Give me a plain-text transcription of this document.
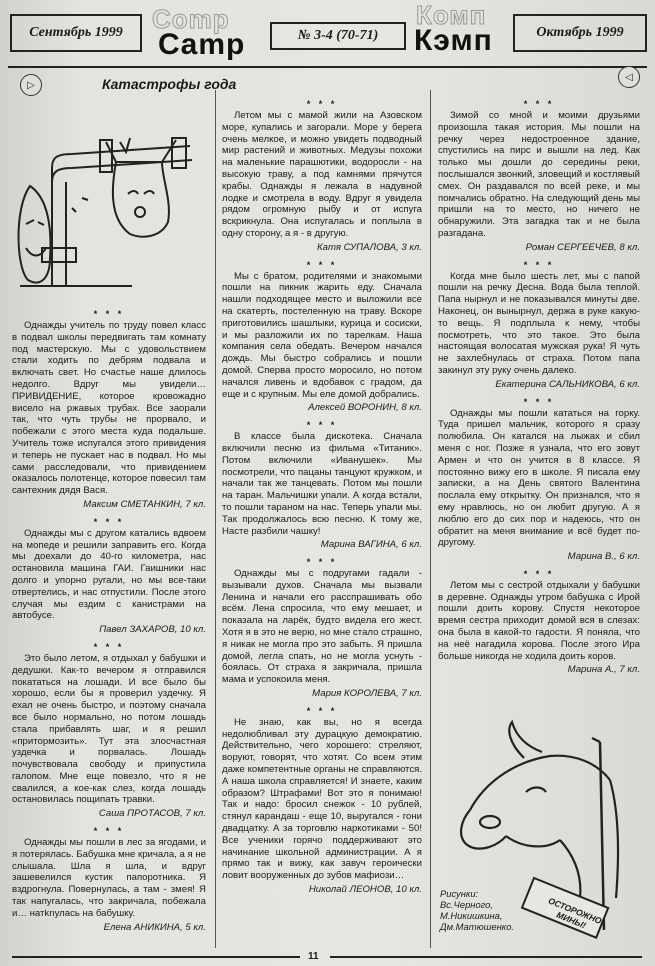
Сентябрь 1999	Comp
Camp	№ 3-4 (70-71)
Комп
Кэмп	Октябрь 1999
▷	Катастрофы года	◁
* * *

Однажды учитель по труду повел класс в подвал школы передвигать там комнату под мастерскую. Мы с удовольствием стали ходить по дебрям подвала и включать свет. Но счастье наше длилось недолго. Вдруг мы увидели… ПРИВИДЕНИЕ, которое кровожадно висело на ржавых трубах. Все заорали так, что чуть трубы не прорвало, и побежали с этого места куда подальше. Учитель тоже испугался этого привидения и теперь не пускает нас в подвал. Но мы сами расследовали, что привидением оказалось полотенце, которое повесил там сантехник дядя Вася.

Максим СМЕТАНКИН, 7 кл.
* * *

Однажды мы с другом катались вдвоем на мопеде и решили заправить его. Когда мы доехали до 40-го километра, нас остановила машина ГАИ. Гаишники нас долго и упорно ругали, но мы все-таки отвертелись, и нас отпустили. После этого случая мы ездим с канистрами на автобусе.

Павел ЗАХАРОВ, 10 кл.
* * *

Это было летом, я отдыхал у бабушки и дедушки. Как-то вечером я отправился покататься на лошади. И все было бы хорошо, если бы я проверил уздечку. Я ехал не очень быстро, и поэтому сначала все было нормально, но потом лошадь стала прибавлять шаг, и я решил «притормозить». Тут эта злосчастная уздечка и порвалась. Лошадь почувствовала свободу и припустила галопом. Мне еще повезло, что я не свалился, а кое-как слез, когда лошадь остановилась пощипать травки.

Саша ПРОТАСОВ, 7 кл.
* * *

Однажды мы пошли в лес за ягодами, и я потерялась. Бабушка мне кричала, а я не слышала. Шла я шла, и вдруг зашевелился кустик папоротника. Я вздрогнула. Повернулась, а там - змея! Я так напугалась, что закричала, побежала и… натknулась на бабушку.

Елена АНИКИНА, 5 кл.
* * *

Летом мы с мамой жили на Азовском море, купались и загорали. Море у берега очень мелкое, и можно увидеть подводный мир растений и животных. Медузы похожи на маленькие парашютики, водоросли - на высокую траву, а под камнями прячутся крабы. Однажды я лежала в надувной лодке и смотрела в воду. Вдруг я увидела рядом огромную рыбу и от испуга вскрикнула. Она испугалась и поплыла в одну сторону, а я - в другую.

Катя СУПАЛОВА, 3 кл.
* * *

Мы с братом, родителями и знакомыми пошли на пикник жарить еду. Сначала нашли подходящее место и выложили все на скатерть, постеленную на траву. Вскоре приготовились шашлыки, курица и сосиски, и мы разложили их по тарелкам. Наша компания села обедать. Вечером начался дождь. Мы быстро собрались и пошли домой. Сперва просто моросило, но потом начался ливень и вдобавок с градом, да еще и с крупным. Мы еле домой добрались.

Алексей ВОРОНИН, 8 кл.
* * *

В классе была дискотека. Сначала включили песню из фильма «Титаник». Потом включили «Иванушек». Мы посмотрели, что пацаны танцуют кружком, и начали так же танцевать. Потом мы пошли на таран. Мальчишки упали. А когда встали, то пошли тараном на нас. Теперь упали мы. Так продолжалось всю песню. К тому же, Насте разбили чашку!

Марина ВАГИНА, 6 кл.
* * *

Однажды мы с подругами гадали - вызывали духов. Сначала мы вызвали Ленина и начали его расспрашивать обо всём. Лена спросила, что ему мешает, и показала на ларёк, будто видела его жест. Хотя я в это не верю, но мне стало страшно, я никак не могла про это забыть. Я пришла домой, легла спать, но не могла уснуть - боялась. От страха я закричала, пришла мама и успокоила меня.

Мария КОРОЛЕВА, 7 кл.
* * *

Не знаю, как вы, но я всегда недолюбливал эту дурацкую демократию. Действительно, чего хорошего: стреляют, воруют, говорят, что хотят. Со всем этим даже компетентные органы не справляются. А наша школа справляется! И знаете, каким образом? Штрафами! Вот это я понимаю! Так и надо: бросил снежок - 10 рублей, стянул карандаш - еще 10, выругался - гони двадцатку. А за торговлю наркотиками - 50! Все ученики горячо поддерживают это начинание школьной администрации. А я прямо так и вижу, как завуч героически ловит вооруженных до зубов мафиози…

Николай ЛЕОНОВ, 10 кл.
* * *

Зимой со мной и моими друзьями произошла такая история. Мы пошли на речку через недостроенное здание, спустились на пирс и вышли на лед. Как только мы дошли до середины реки, послышался звонкий, зловещий и костлявый смех. Он раздавался по всей реке, и мы помчались обратно. На следующий день мы пришли на то место, но ничего не обнаружили. Эта загадка так и не была разгадана.

Роман СЕРГЕЕЧЕВ, 8 кл.
* * *

Когда мне было шесть лет, мы с папой пошли на речку Десна. Вода была теплой. Папа нырнул и не показывался минуты две. Наконец, он вынырнул, держа в руке какую-то вещь. Я подплыла к нему, чтобы посмотреть, что это такое. Это была настоящая волосатая мужская рука! Я чуть не захлебнулась от страха. Потом папа закинул эту руку очень далеко.

Екатерина САЛЬНИКОВА, 6 кл.
* * *

Однажды мы пошли кататься на горку. Туда пришел мальчик, которого я сразу полюбила. Он катался на лыжах и сбил меня с ног. Позже я узнала, что его зовут Армен и что он учится в 8 классе. Я постоянно вижу его в школе. Я писала ему записки, а на День святого Валентина послала ему открытку. Он признался, что я ему нравлюсь, но он любит другую. А я люблю его до сих пор и надеюсь, что он обратит на меня внимание и всё будет по-другому.

Марина В., 6 кл.
* * *

Летом мы с сестрой отдыхали у бабушки в деревне. Однажды утром бабушка с Ирой пошли доить корову. Спустя некоторое время сестра приходит домой вся в слезах: она была в какой-то гадости. Я поняла, что на неё нагадила корова. После этого Ира больше никогда не ходила доить коров.

Марина А., 7 кл.
ОСТОРОЖНО МИНЫ!
Рисунки:
Вс.Черного,
М.Никишкина,
Дм.Матюшенко.
11
